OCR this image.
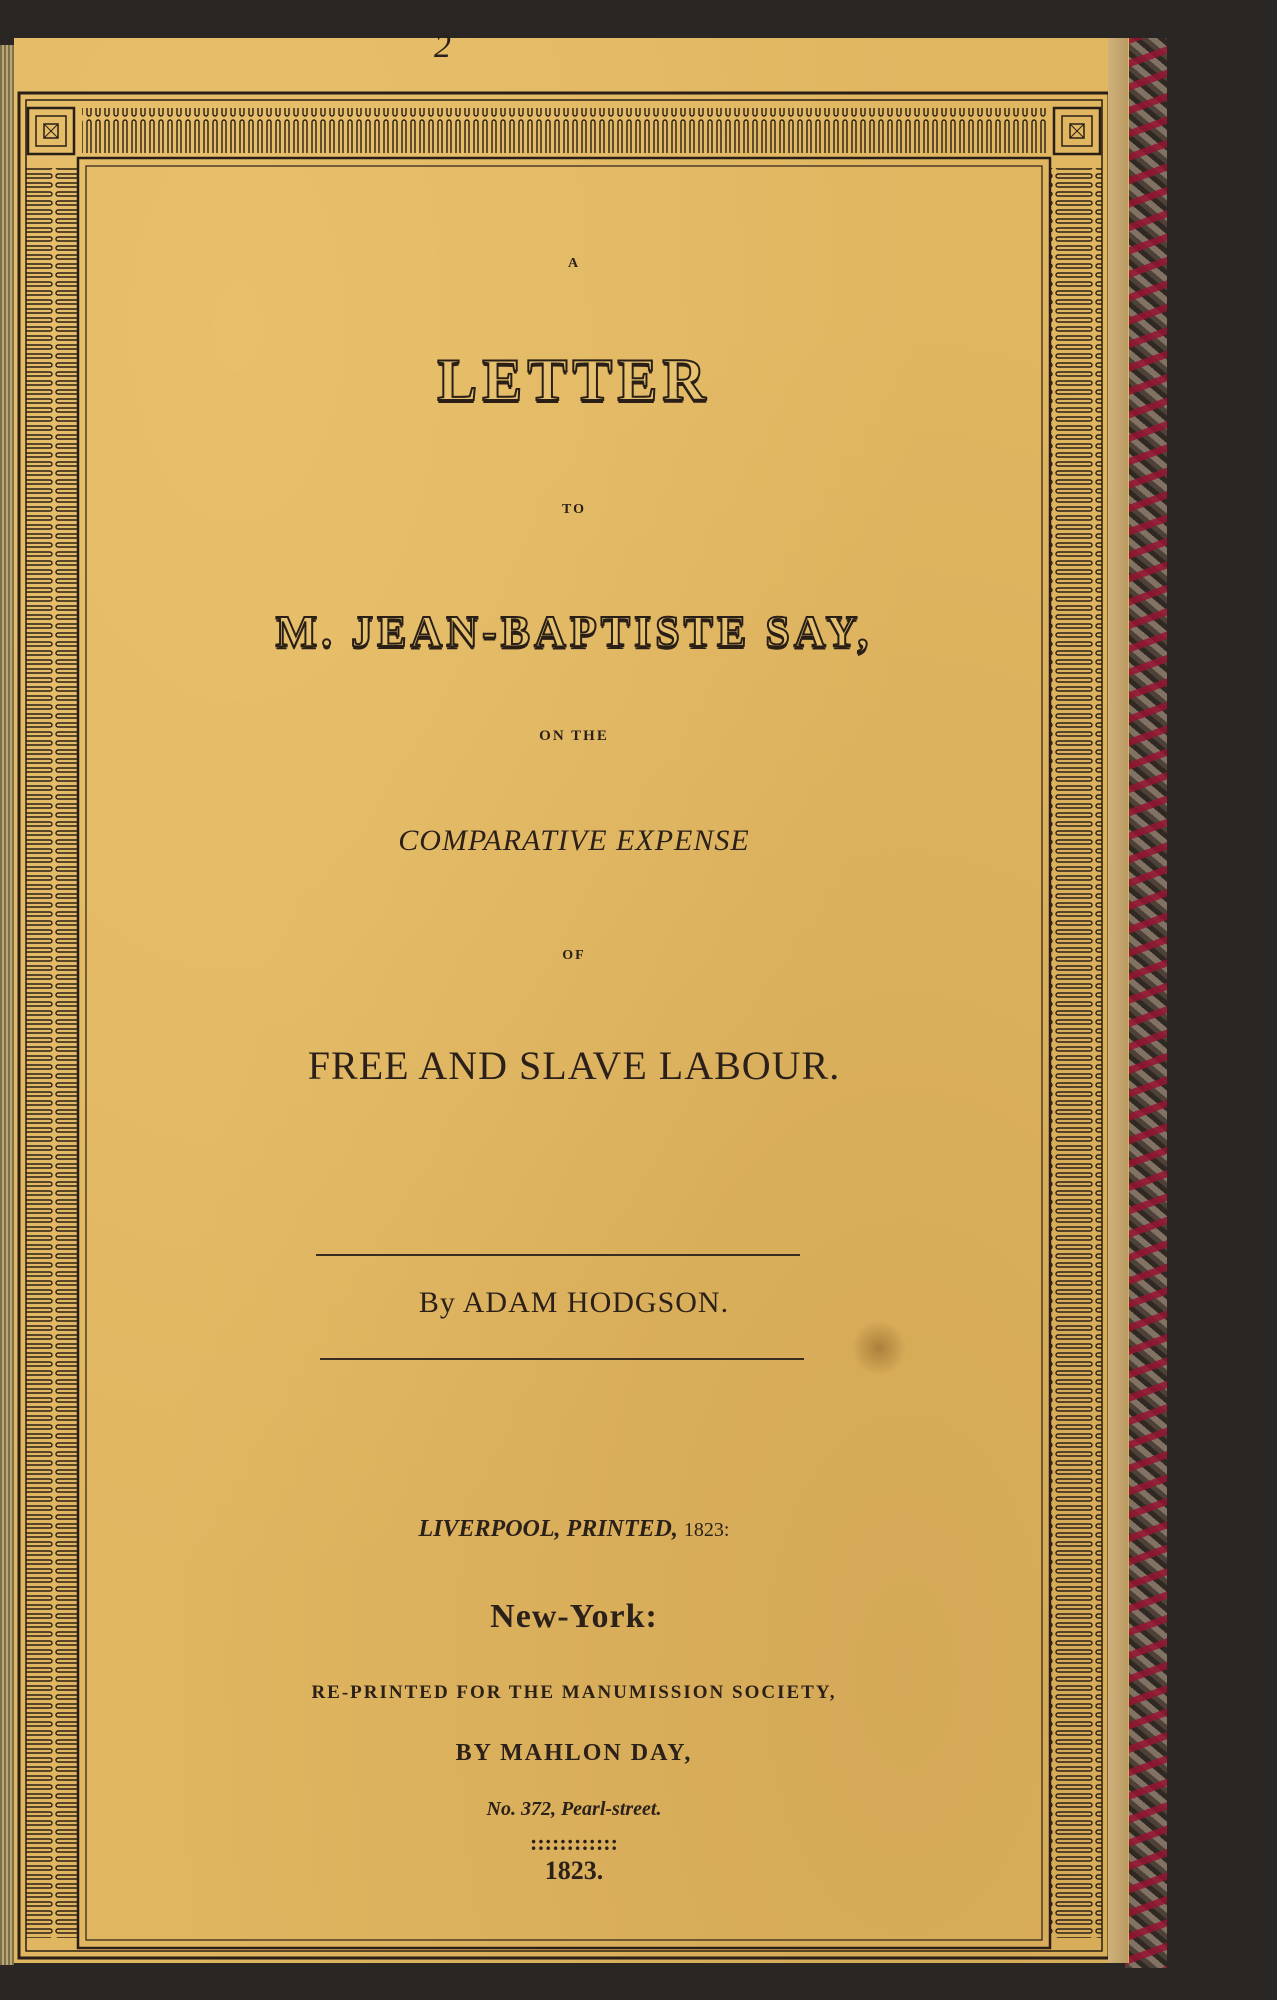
2
A
LETTER
TO
M. JEAN-BAPTISTE SAY,
ON THE
COMPARATIVE EXPENSE
OF
FREE AND SLAVE LABOUR.
By ADAM HODGSON.
LIVERPOOL, PRINTED, 1823:
New-York:
RE-PRINTED FOR THE MANUMISSION SOCIETY,
BY MAHLON DAY,
No. 372, Pearl-street.
::::::::::::
1823.
